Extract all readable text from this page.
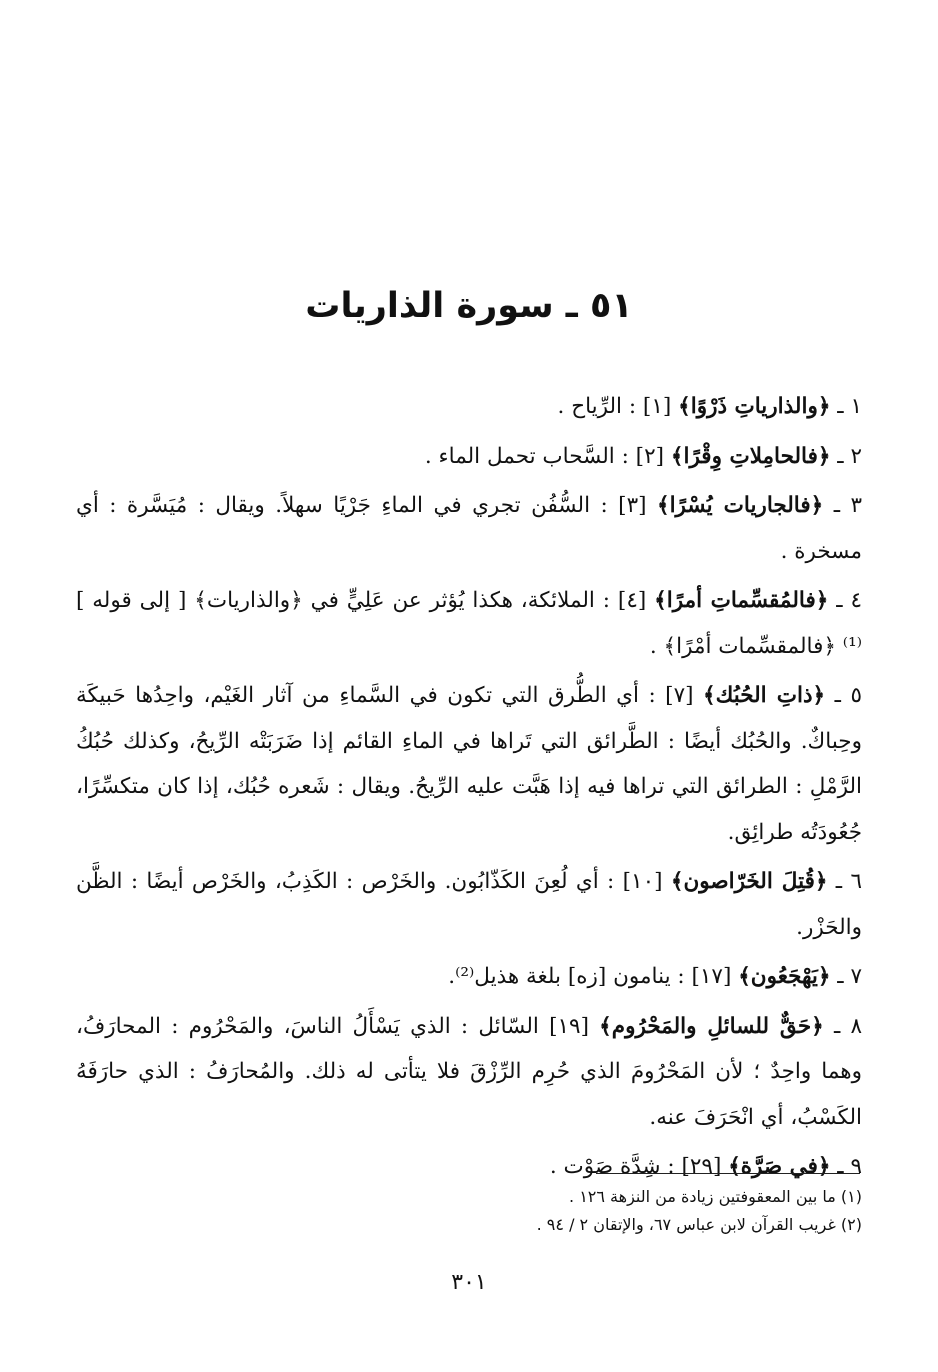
٥١ ـ سورة الذاريات

١ ـ ﴿والذارياتِ ذَرْوًا﴾ [١] : الرِّياح .

٢ ـ ﴿فالحامِلاتِ وِقْرًا﴾ [٢] : السَّحاب تحمل الماء .

٣ ـ ﴿فالجاريات يُسْرًا﴾ [٣] : السُّفُن تجري في الماءِ جَرْيًا سهلاً. ويقال : مُيَسَّرة : أي مسخرة .

٤ ـ ﴿فالمُقسِّماتِ أمرًا﴾ [٤] : الملائكة، هكذا يُؤثر عن عَلِيٍّ في ﴿والذاريات﴾ [ إلى قوله ]⁽¹⁾ ﴿فالمقسِّمات أمْرًا﴾ .

٥ ـ ﴿ذاتِ الحُبُك﴾ [٧] : أي الطُّرق التي تكون في السَّماءِ من آثار الغَيْم، واحِدُها حَبيكَة وحِباكٌ. والحُبُك أيضًا : الطَّرائق التي تَراها في الماءِ القائم إذا ضَرَبَتْه الرِّيحُ، وكذلك حُبُكُ الرَّمْلِ : الطرائق التي تراها فيه إذا هَبَّت عليه الرِّيحُ. ويقال : شَعره حُبُك، إذا كان متكسِّرًا، جُعُودَتُه طرائِق.

٦ ـ ﴿قُتِلَ الخَرّاصون﴾ [١٠] : أي لُعِنَ الكَذّابُون. والخَرْص : الكَذِبُ، والخَرْص أيضًا : الظَّن والحَزْر.

٧ ـ ﴿يَهْجَعُون﴾ [١٧] : ينامون [زه] بلغة هذيل⁽²⁾.

٨ ـ ﴿حَقٌّ للسائلِ والمَحْرُوم﴾ [١٩] السّائل : الذي يَسْأَلُ الناسَ، والمَحْرُوم : المحارَفُ، وهما واحِدٌ ؛ لأن المَحْرُومَ الذي حُرِم الرِّزْقَ فلا يتأتى له ذلك. والمُحارَفُ : الذي حارَفَهُ الكَسْبُ، أي انْحَرَفَ عنه.

٩ ـ ﴿في صَرَّة﴾ [٢٩] : شِدَّة صَوْت .

(١) ما بين المعقوفتين زيادة من النزهة ١٢٦ .
(٢) غريب القرآن لابن عباس ٦٧، والإتقان ٢ / ٩٤ .
٣٠١
